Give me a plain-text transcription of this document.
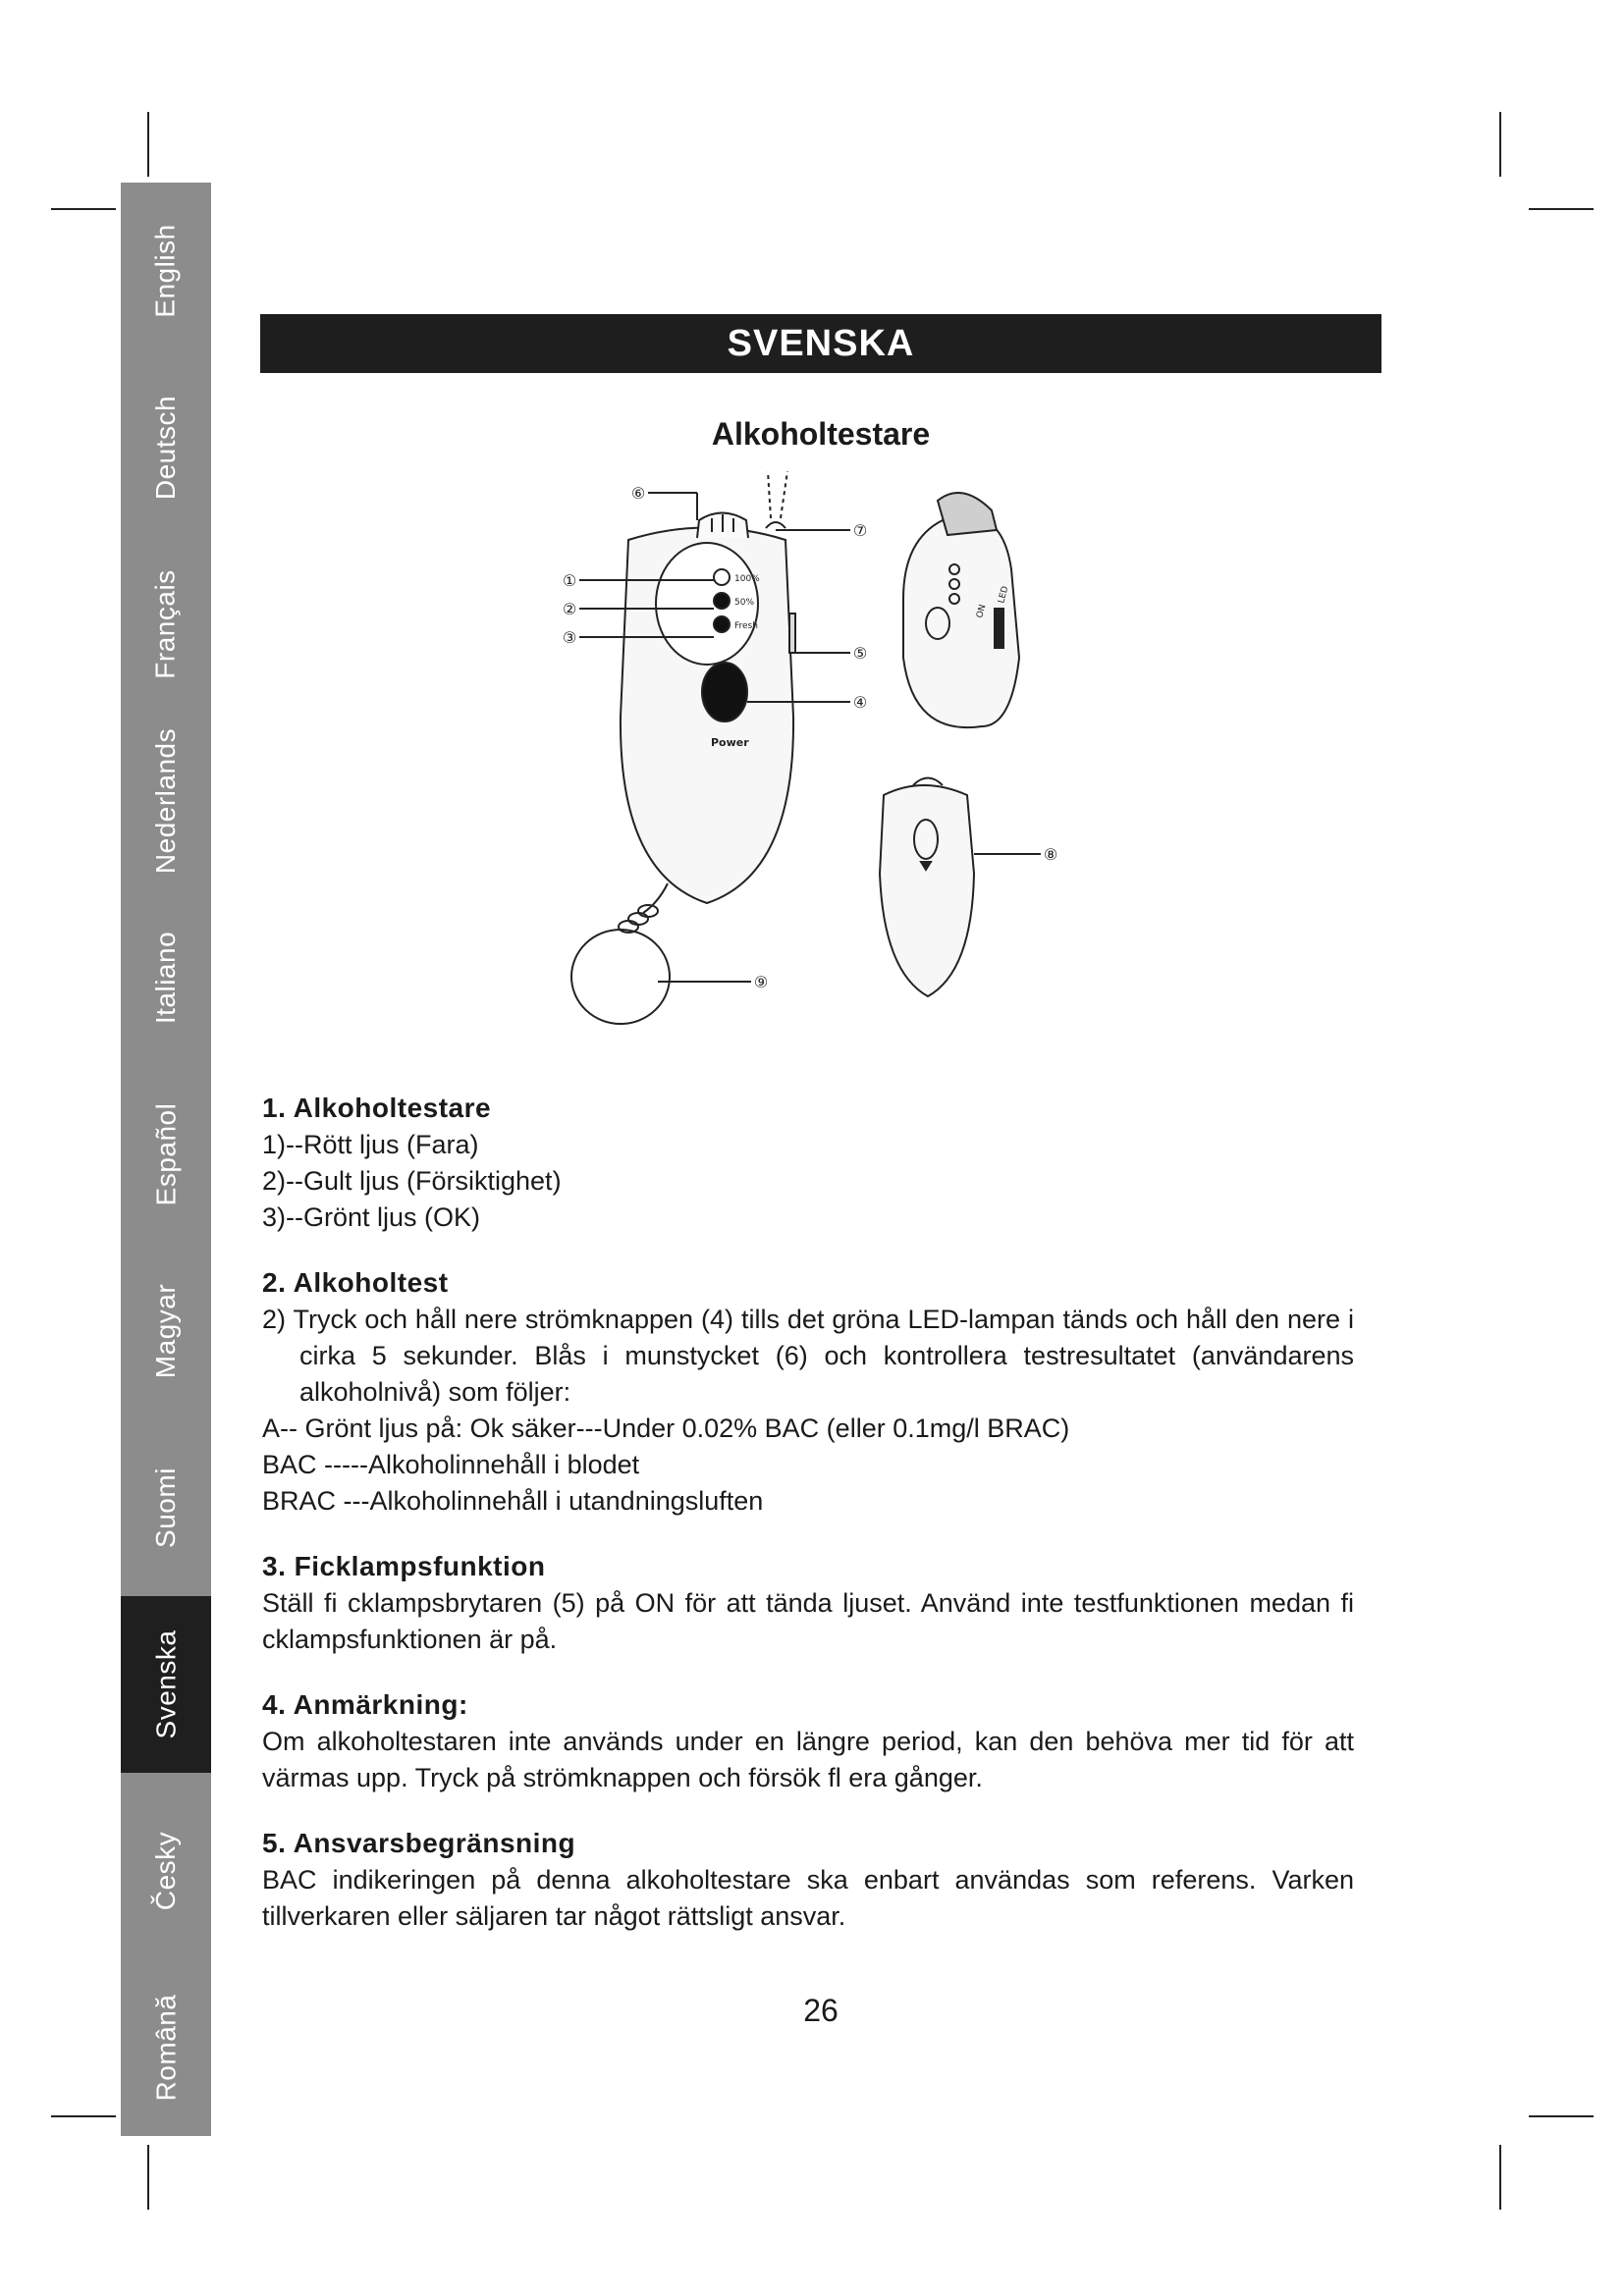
English
Deutsch
Français
Nederlands
Italiano
Español
Magyar
Suomi
Svenska
Česky
Română
SVENSKA
Alkoholtestare
100%
50%
Fresh
Power
ON
LED
①
②
③
④
⑤
⑥
⑦
⑧
⑨
1. Alkoholtestare

1)--Rött ljus (Fara)

2)--Gult ljus (Försiktighet)

3)--Grönt ljus (OK)

2. Alkoholtest

2) Tryck och håll nere strömknappen (4) tills det gröna LED-lampan tänds och håll den nere i cirka 5 sekunder. Blås i munstycket (6) och kontrollera testresultatet (användarens alkoholnivå) som följer:

A-- Grönt ljus på: Ok säker---Under 0.02% BAC (eller 0.1mg/l BRAC)

BAC -----Alkoholinnehåll i blodet

BRAC ---Alkoholinnehåll i utandningsluften

3. Ficklampsfunktion

Ställ fi cklampsbrytaren (5) på ON för att tända ljuset. Använd inte testfunktionen medan fi cklampsfunktionen är på.

4. Anmärkning:

Om alkoholtestaren inte används under en längre period, kan den behöva mer tid för att värmas upp. Tryck på strömknappen och försök fl era gånger.

5. Ansvarsbegränsning

BAC indikeringen på denna alkoholtestare ska enbart användas som referens. Varken tillverkaren eller säljaren tar något rättsligt ansvar.

26
